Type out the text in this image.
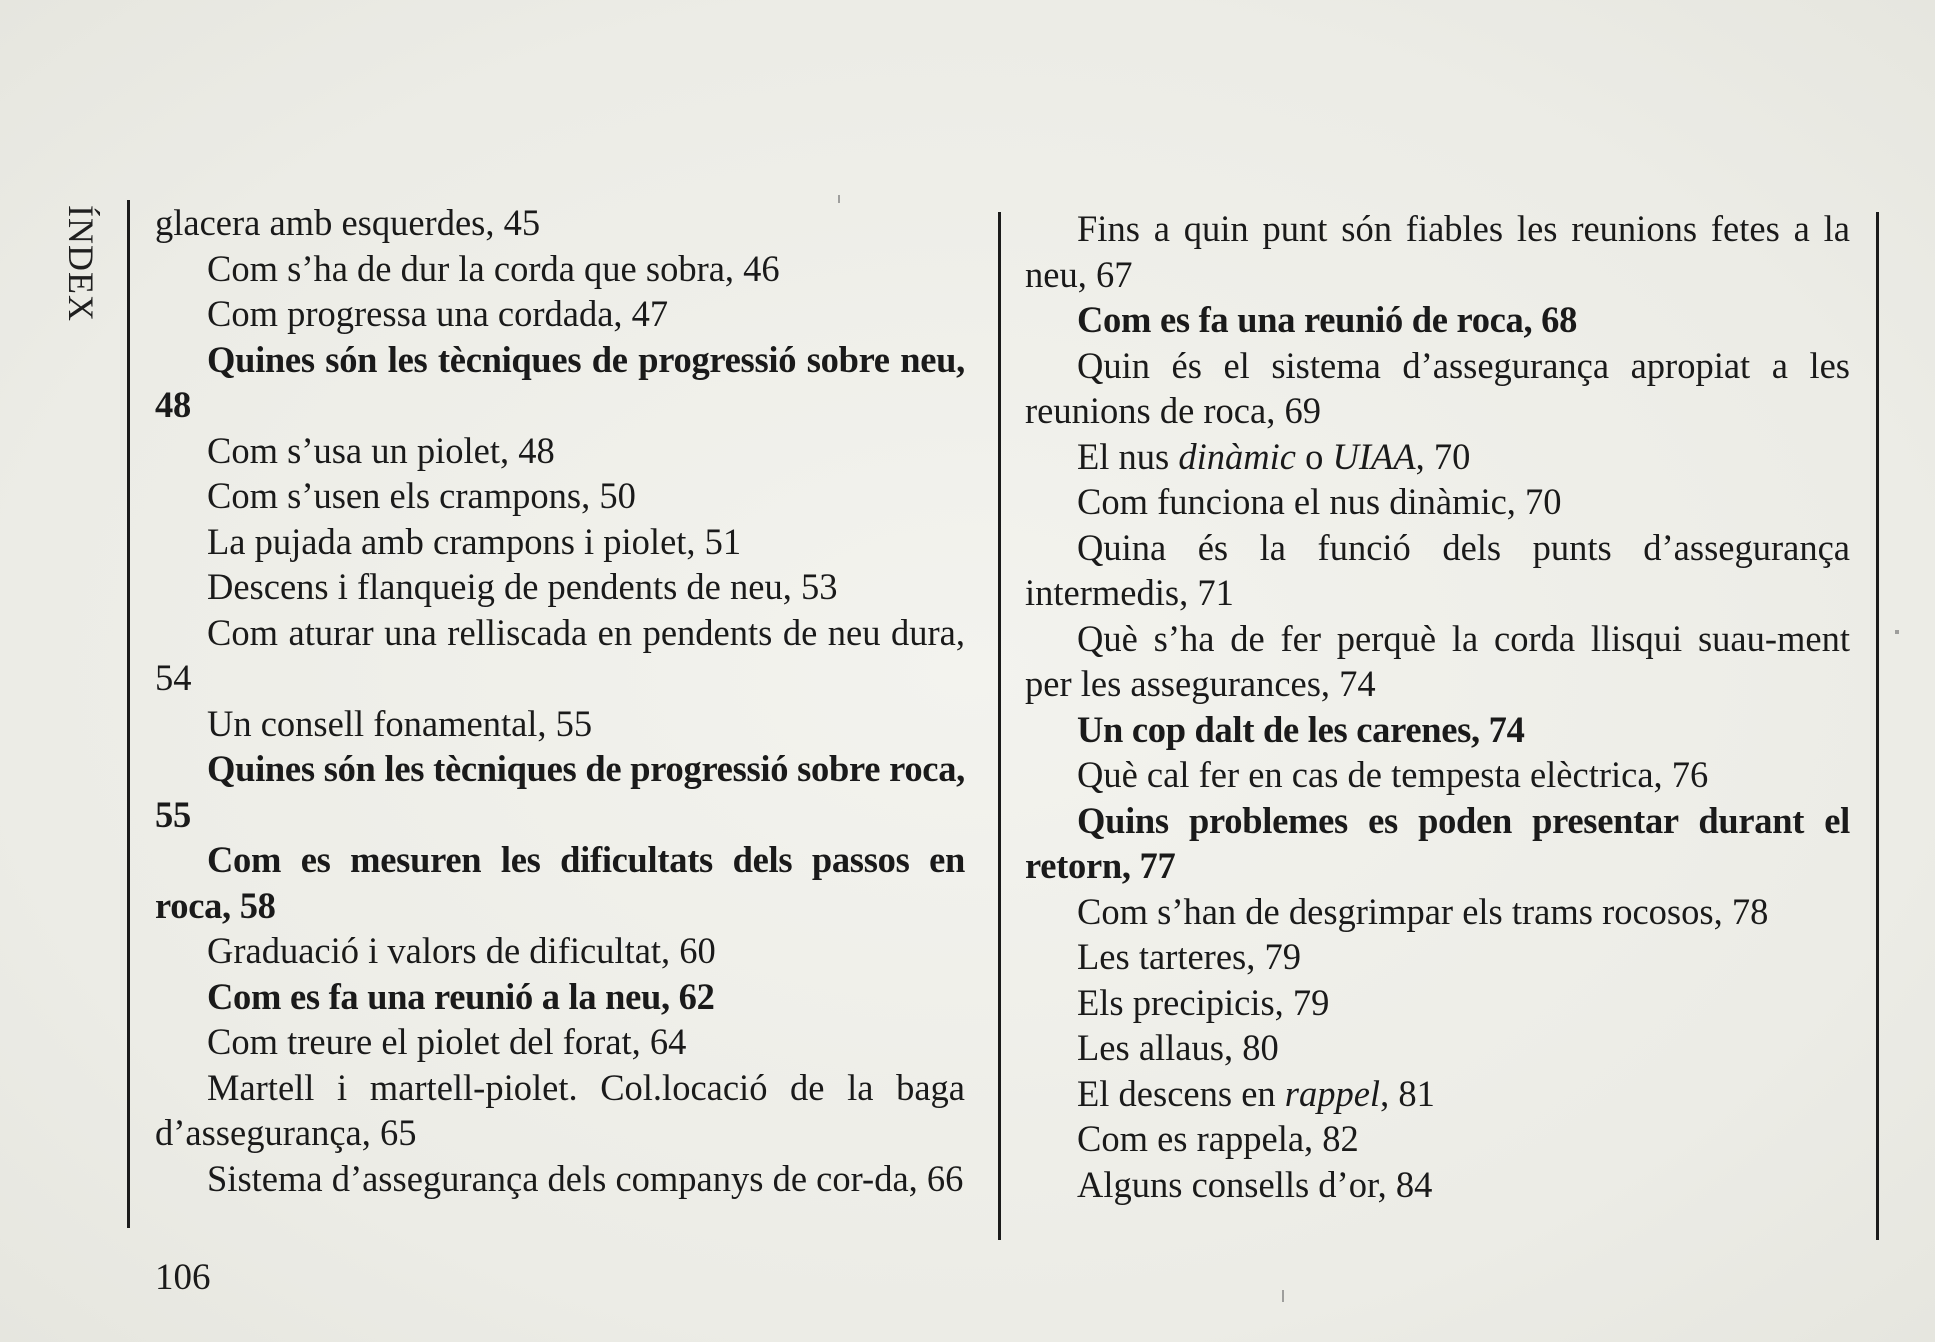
ÍNDEX glacera amb esquerdes, 45

Com s’ha de dur la corda que sobra, 46

Com progressa una cordada, 47

Quines són les tècniques de progressió sobre neu, 48

Com s’usa un piolet, 48

Com s’usen els crampons, 50

La pujada amb crampons i piolet, 51

Descens i flanqueig de pendents de neu, 53

Com aturar una relliscada en pendents de neu dura, 54

Un consell fonamental, 55

Quines són les tècniques de progressió sobre roca, 55

Com es mesuren les dificultats dels passos en roca, 58

Graduació i valors de dificultat, 60

Com es fa una reunió a la neu, 62

Com treure el piolet del forat, 64

Martell i martell-piolet. Col.locació de la baga d’assegurança, 65

Sistema d’assegurança dels companys de cor-da, 66

Fins a quin punt són fiables les reunions fetes a la neu, 67

Com es fa una reunió de roca, 68

Quin és el sistema d’assegurança apropiat a les reunions de roca, 69

El nus dinàmic o UIAA, 70

Com funciona el nus dinàmic, 70

Quina és la funció dels punts d’assegurança intermedis, 71

Què s’ha de fer perquè la corda llisqui suau-ment per les assegurances, 74

Un cop dalt de les carenes, 74

Què cal fer en cas de tempesta elèctrica, 76

Quins problemes es poden presentar durant el retorn, 77

Com s’han de desgrimpar els trams rocosos, 78

Les tarteres, 79

Els precipicis, 79

Les allaus, 80

El descens en rappel, 81

Com es rappela, 82

Alguns consells d’or, 84

106
